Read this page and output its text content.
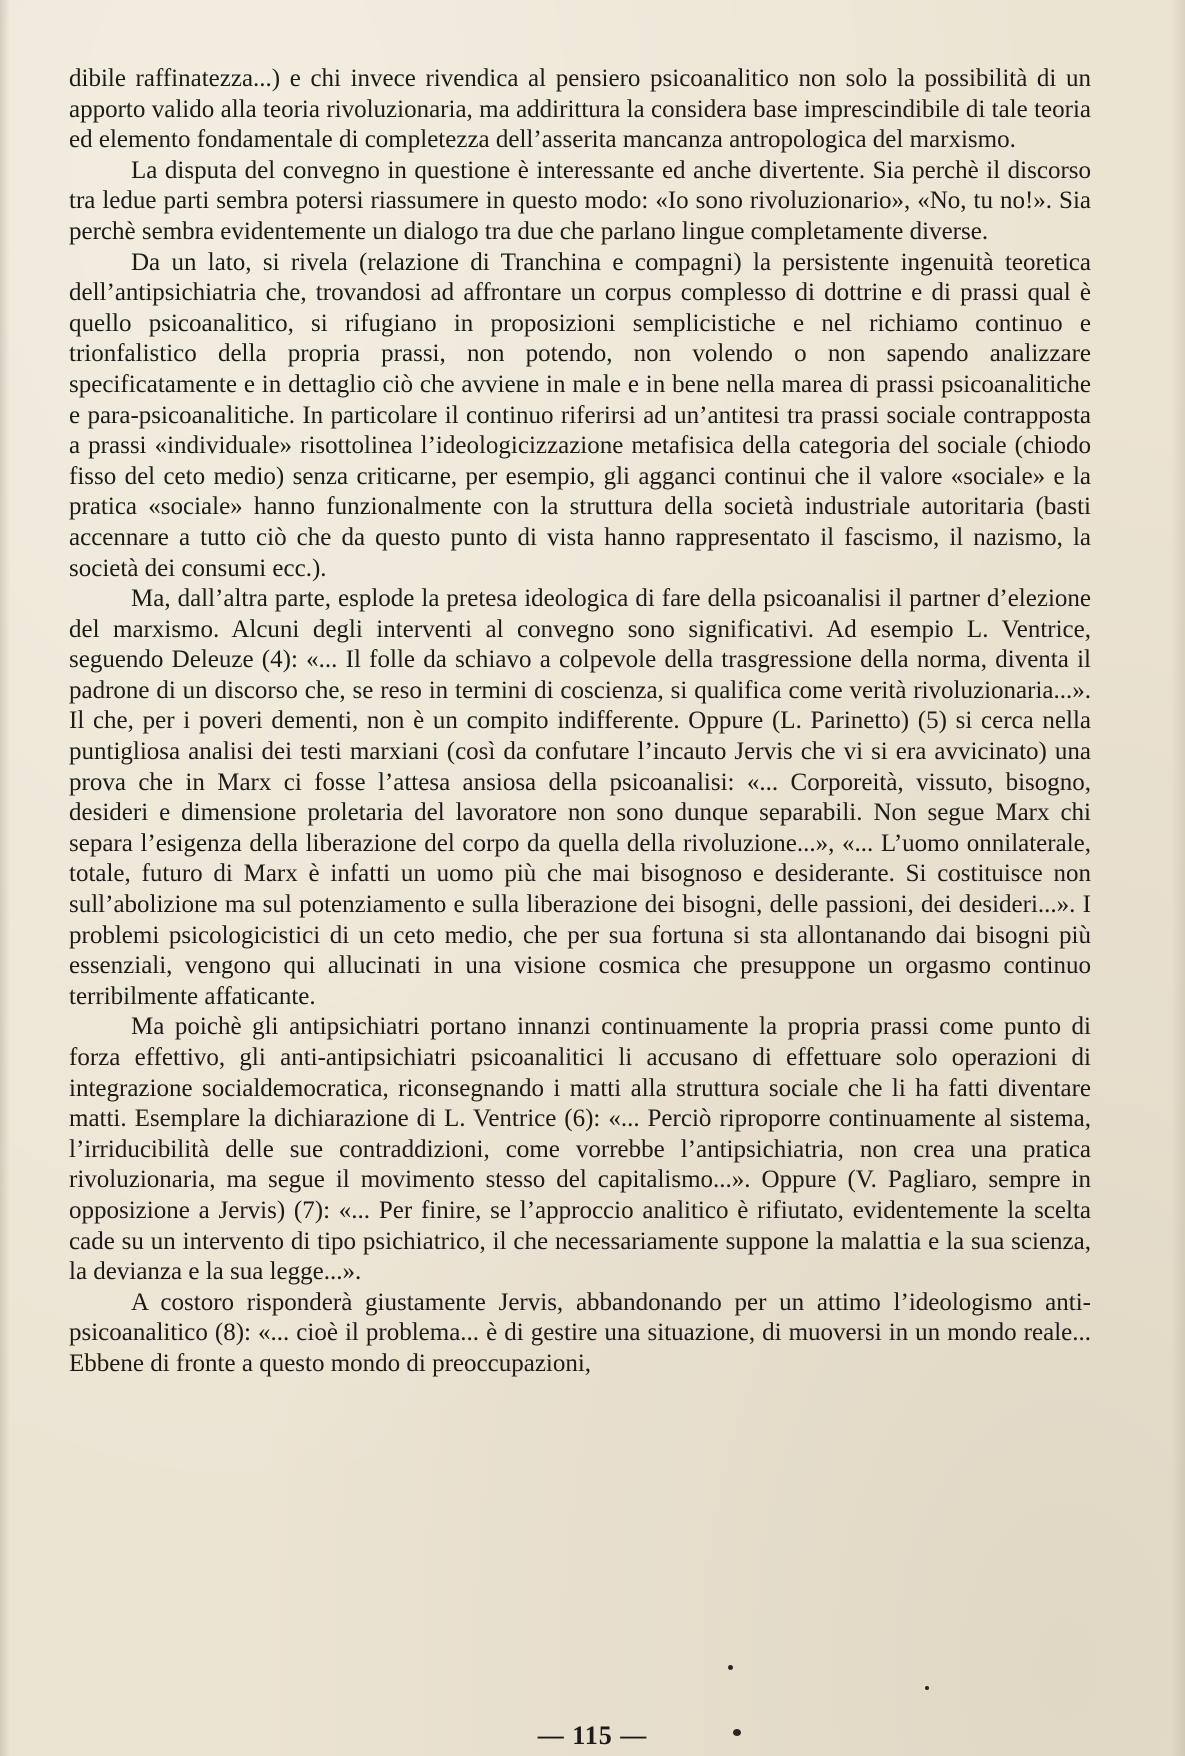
dibile raffinatezza...) e chi invece rivendica al pensiero psicoanalitico non solo la possibilità di un apporto valido alla teoria rivoluzionaria, ma addirittura la considera base imprescindibile di tale teoria ed elemento fondamentale di completezza dell’asserita mancanza antropologica del marxismo.

La disputa del convegno in questione è interessante ed anche divertente. Sia perchè il discorso tra ledue parti sembra potersi riassumere in questo modo: «Io sono rivoluzionario», «No, tu no!». Sia perchè sembra evidentemente un dialogo tra due che parlano lingue completamente diverse.

Da un lato, si rivela (relazione di Tranchina e compagni) la persistente ingenuità teoretica dell’antipsichiatria che, trovandosi ad affrontare un corpus complesso di dottrine e di prassi qual è quello psicoanalitico, si rifugiano in proposizioni semplicistiche e nel richiamo continuo e trionfalistico della propria prassi, non potendo, non volendo o non sapendo analizzare specificatamente e in dettaglio ciò che avviene in male e in bene nella marea di prassi psicoanalitiche e para-psicoanalitiche. In particolare il continuo riferirsi ad un’antitesi tra prassi sociale contrapposta a prassi «individuale» risottolinea l’ideologicizzazione metafisica della categoria del sociale (chiodo fisso del ceto medio) senza criticarne, per esempio, gli agganci continui che il valore «sociale» e la pratica «sociale» hanno funzionalmente con la struttura della società industriale autoritaria (basti accennare a tutto ciò che da questo punto di vista hanno rappresentato il fascismo, il nazismo, la società dei consumi ecc.).

Ma, dall’altra parte, esplode la pretesa ideologica di fare della psicoanalisi il partner d’elezione del marxismo. Alcuni degli interventi al convegno sono significativi. Ad esempio L. Ventrice, seguendo Deleuze (4): «... Il folle da schiavo a colpevole della trasgressione della norma, diventa il padrone di un discorso che, se reso in termini di coscienza, si qualifica come verità rivoluzionaria...». Il che, per i poveri dementi, non è un compito indifferente. Oppure (L. Parinetto) (5) si cerca nella puntigliosa analisi dei testi marxiani (così da confutare l’incauto Jervis che vi si era avvicinato) una prova che in Marx ci fosse l’attesa ansiosa della psicoanalisi: «... Corporeità, vissuto, bisogno, desideri e dimensione proletaria del lavoratore non sono dunque separabili. Non segue Marx chi separa l’esigenza della liberazione del corpo da quella della rivoluzione...», «... L’uomo onnilaterale, totale, futuro di Marx è infatti un uomo più che mai bisognoso e desiderante. Si costituisce non sull’abolizione ma sul potenziamento e sulla liberazione dei bisogni, delle passioni, dei desideri...». I problemi psicologicistici di un ceto medio, che per sua fortuna si sta allontanando dai bisogni più essenziali, vengono qui allucinati in una visione cosmica che presuppone un orgasmo continuo terribilmente affaticante.

Ma poichè gli antipsichiatri portano innanzi continuamente la propria prassi come punto di forza effettivo, gli anti-antipsichiatri psicoanalitici li accusano di effettuare solo operazioni di integrazione socialdemocratica, riconsegnando i matti alla struttura sociale che li ha fatti diventare matti. Esemplare la dichiarazione di L. Ventrice (6): «... Perciò riproporre continuamente al sistema, l’irriducibilità delle sue contraddizioni, come vorrebbe l’antipsichiatria, non crea una pratica rivoluzionaria, ma segue il movimento stesso del capitalismo...». Oppure (V. Pagliaro, sempre in opposizione a Jervis) (7): «... Per finire, se l’approccio analitico è rifiutato, evidentemente la scelta cade su un intervento di tipo psichiatrico, il che necessariamente suppone la malattia e la sua scienza, la devianza e la sua legge...».

A costoro risponderà giustamente Jervis, abbandonando per un attimo l’ideologismo anti-psicoanalitico (8): «... cioè il problema... è di gestire una situazione, di muoversi in un mondo reale... Ebbene di fronte a questo mondo di preoccupazioni,

— 115 —
